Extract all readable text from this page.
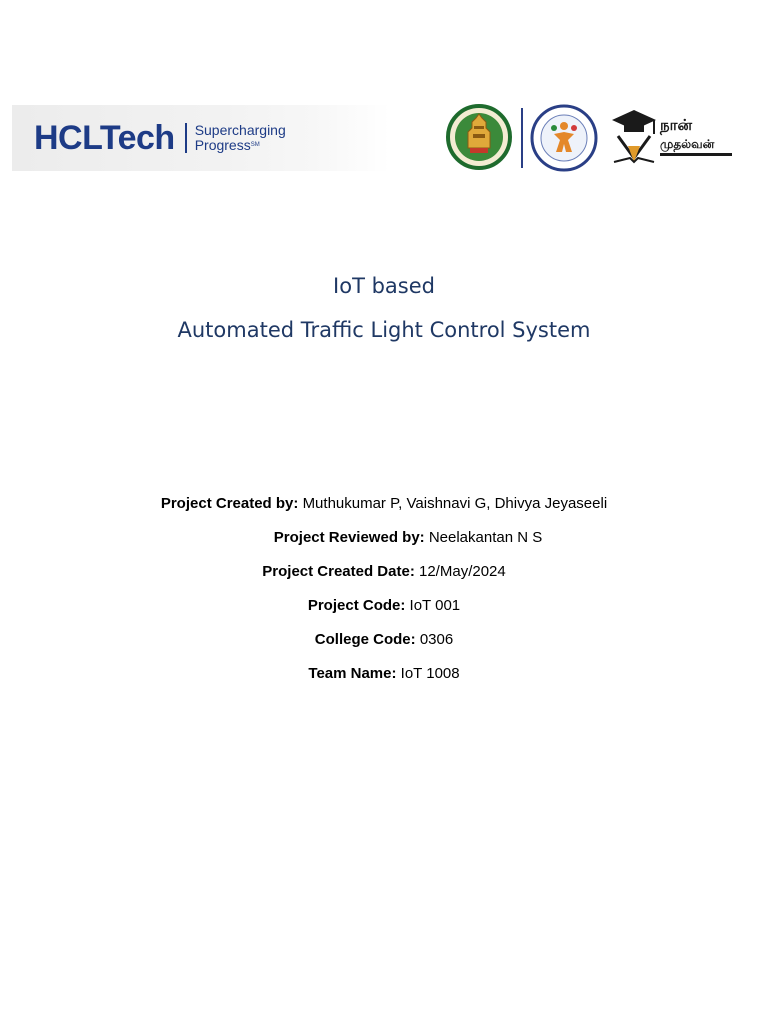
HCLTech Supercharging
Progress℠
நான்
முதல்வன்
IoT based
Automated Traffic Light Control System
Project Created by: Muthukumar P, Vaishnavi G, Dhivya Jeyaseeli
Project Reviewed by: Neelakantan N S
Project Created Date: 12/May/2024
Project Code: IoT 001
College Code: 0306
Team Name: IoT 1008
